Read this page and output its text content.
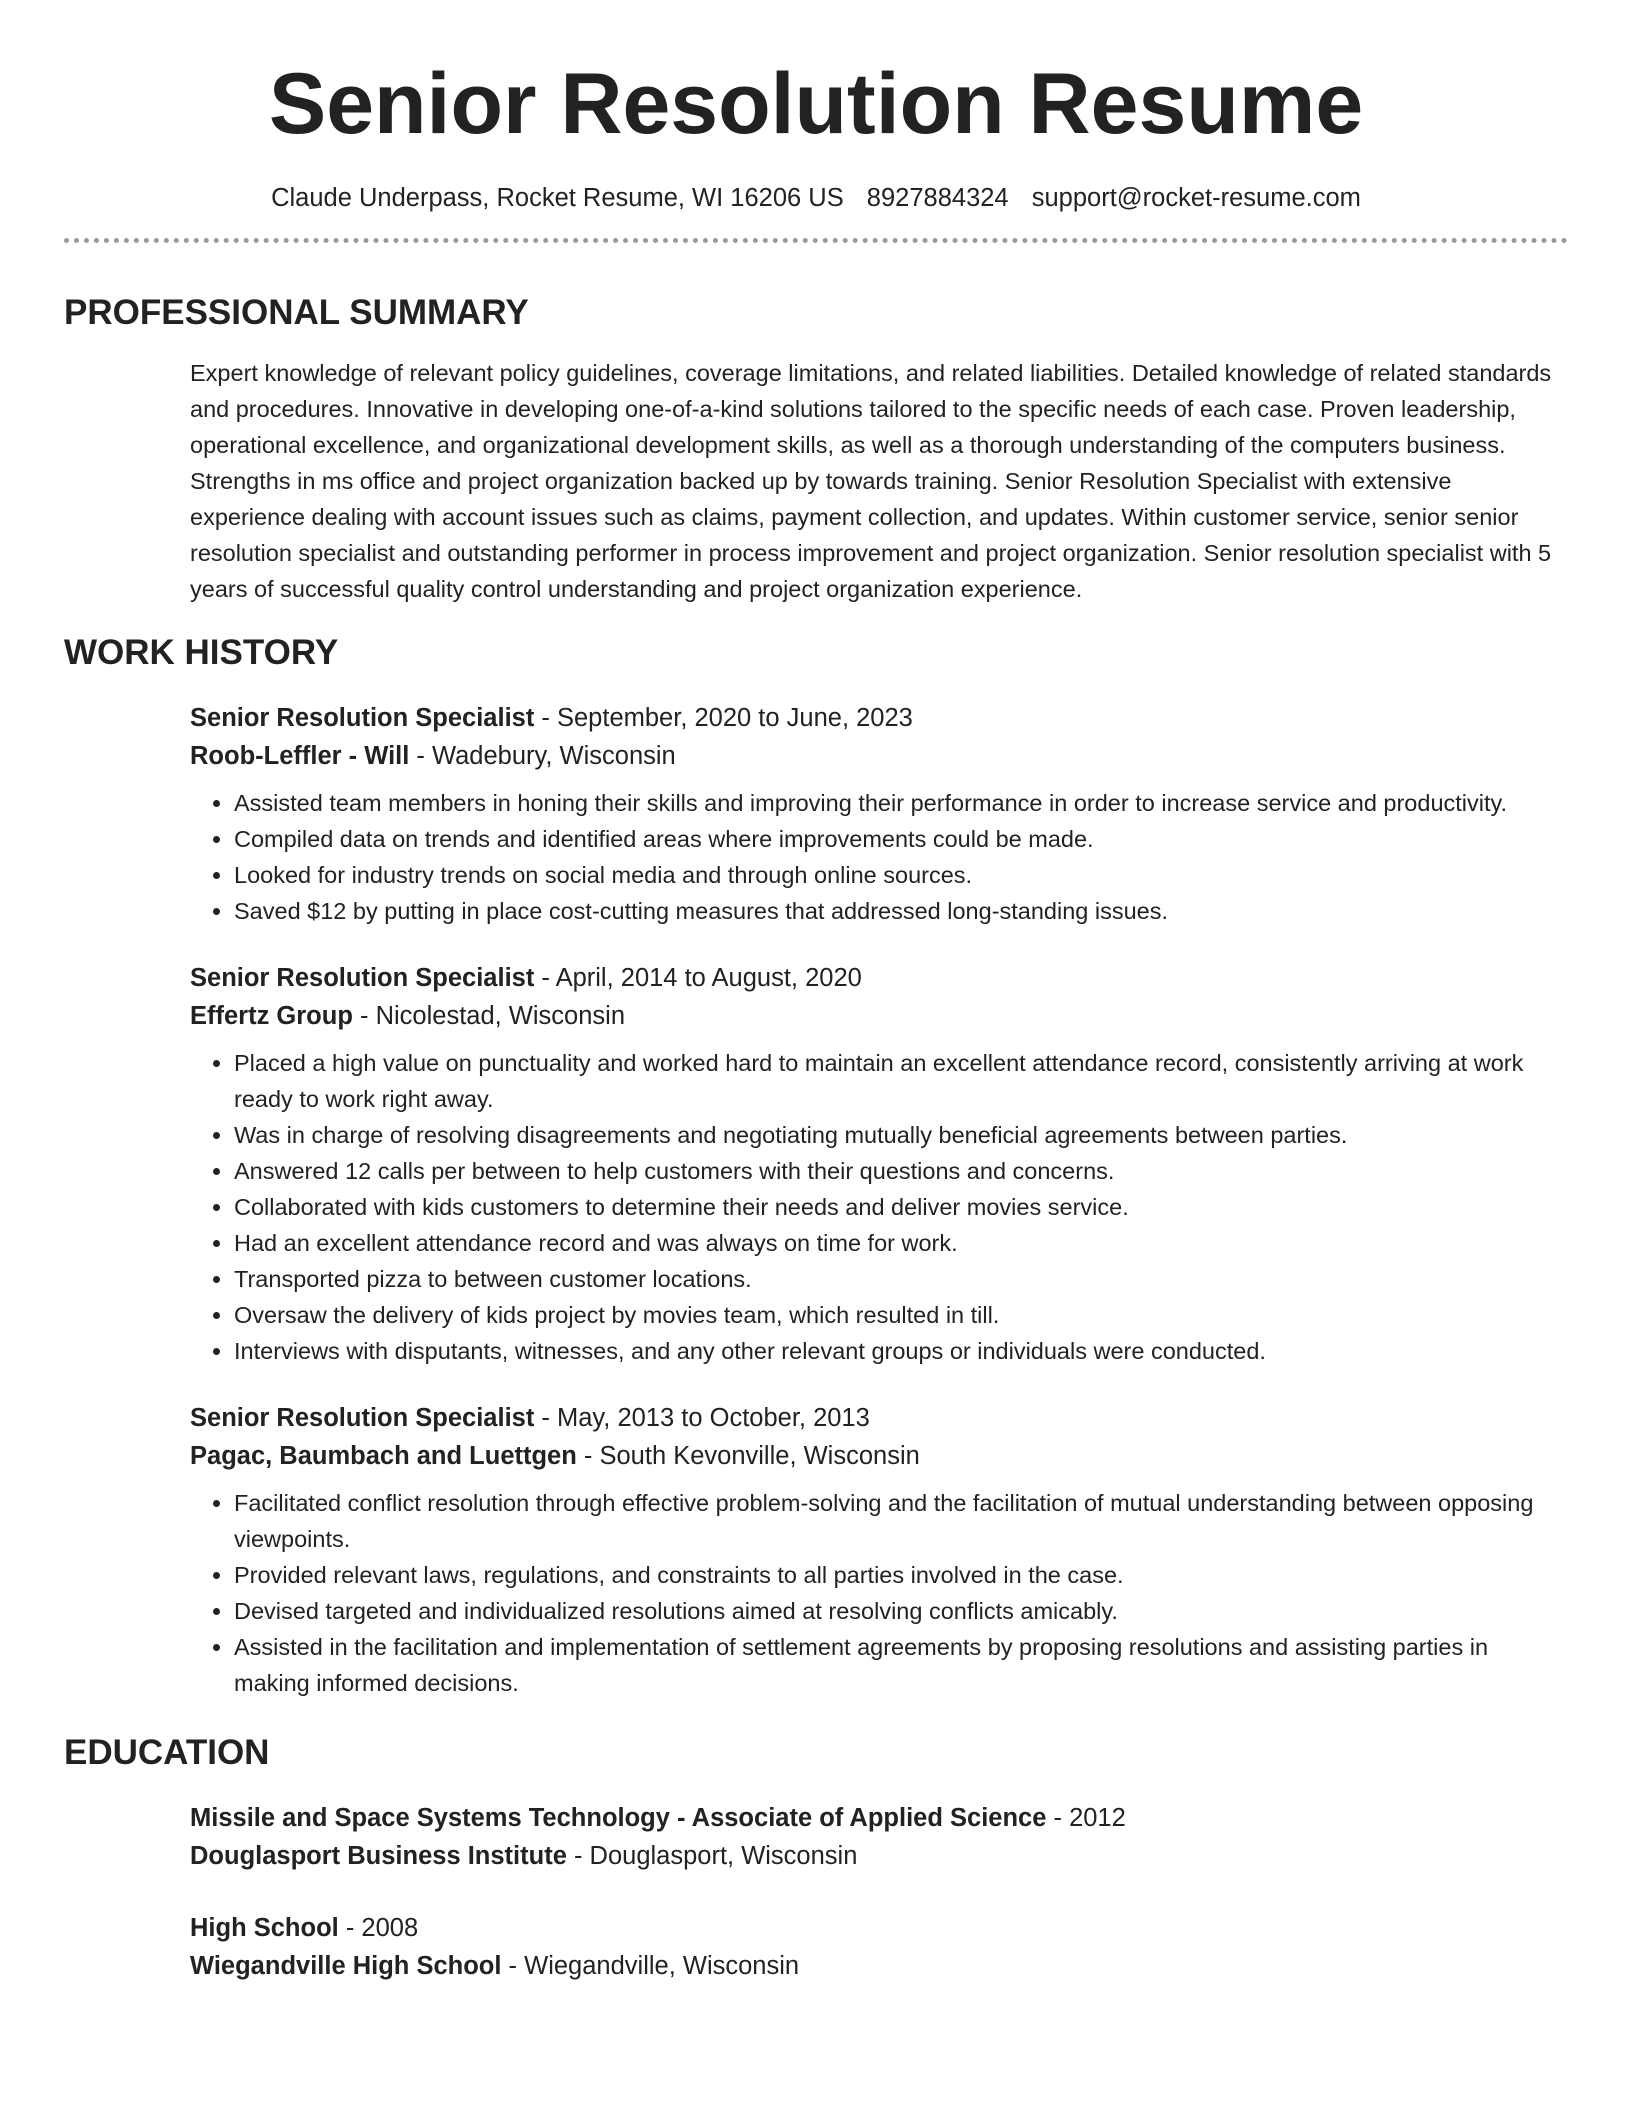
Senior Resolution Resume
Claude Underpass, Rocket Resume, WI 16206 US 8927884324 support@rocket-resume.com
PROFESSIONAL SUMMARY
Expert knowledge of relevant policy guidelines, coverage limitations, and related liabilities. Detailed knowledge of related standards and procedures. Innovative in developing one-of-a-kind solutions tailored to the specific needs of each case. Proven leadership, operational excellence, and organizational development skills, as well as a thorough understanding of the computers business. Strengths in ms office and project organization backed up by towards training. Senior Resolution Specialist with extensive experience dealing with account issues such as claims, payment collection, and updates. Within customer service, senior senior resolution specialist and outstanding performer in process improvement and project organization. Senior resolution specialist with 5 years of successful quality control understanding and project organization experience.
WORK HISTORY
Senior Resolution Specialist - September, 2020 to June, 2023
Roob-Leffler - Will - Wadebury, Wisconsin
• Assisted team members in honing their skills and improving their performance in order to increase service and productivity.
• Compiled data on trends and identified areas where improvements could be made.
• Looked for industry trends on social media and through online sources.
• Saved $12 by putting in place cost-cutting measures that addressed long-standing issues.
Senior Resolution Specialist - April, 2014 to August, 2020
Effertz Group - Nicolestad, Wisconsin
• Placed a high value on punctuality and worked hard to maintain an excellent attendance record, consistently arriving at work ready to work right away.
• Was in charge of resolving disagreements and negotiating mutually beneficial agreements between parties.
• Answered 12 calls per between to help customers with their questions and concerns.
• Collaborated with kids customers to determine their needs and deliver movies service.
• Had an excellent attendance record and was always on time for work.
• Transported pizza to between customer locations.
• Oversaw the delivery of kids project by movies team, which resulted in till.
• Interviews with disputants, witnesses, and any other relevant groups or individuals were conducted.
Senior Resolution Specialist - May, 2013 to October, 2013
Pagac, Baumbach and Luettgen - South Kevonville, Wisconsin
• Facilitated conflict resolution through effective problem-solving and the facilitation of mutual understanding between opposing viewpoints.
• Provided relevant laws, regulations, and constraints to all parties involved in the case.
• Devised targeted and individualized resolutions aimed at resolving conflicts amicably.
• Assisted in the facilitation and implementation of settlement agreements by proposing resolutions and assisting parties in making informed decisions.
EDUCATION
Missile and Space Systems Technology - Associate of Applied Science - 2012
Douglasport Business Institute - Douglasport, Wisconsin
High School - 2008
Wiegandville High School - Wiegandville, Wisconsin
